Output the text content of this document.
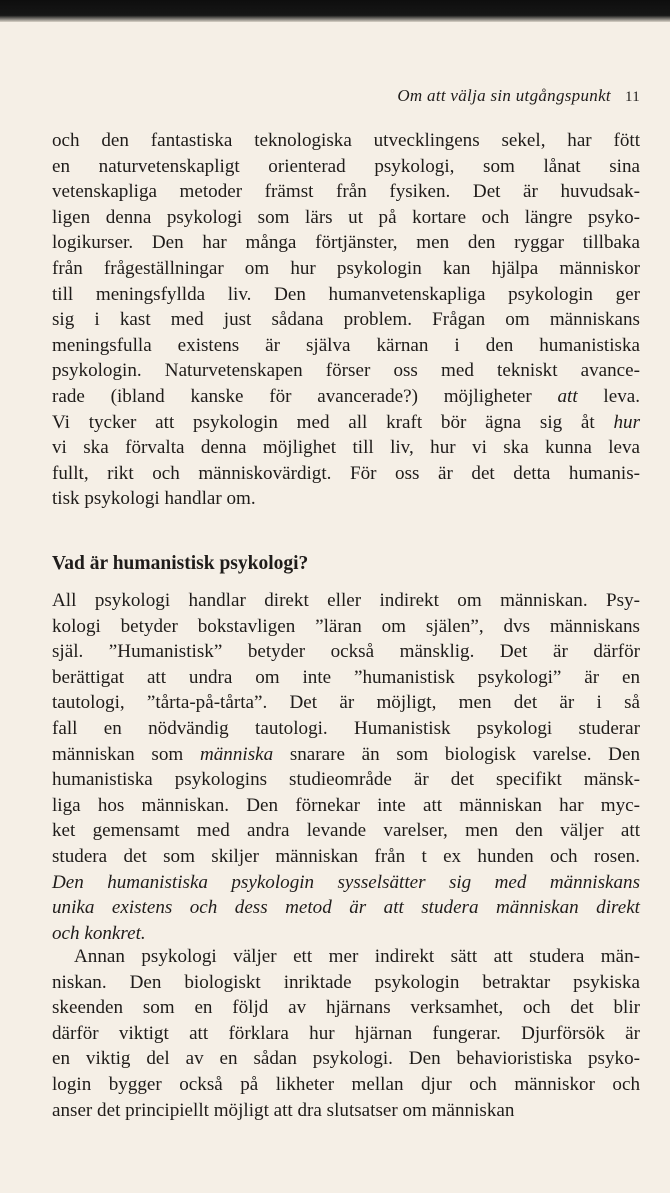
Om att välja sin utgångspunkt 11
och den fantastiska teknologiska utvecklingens sekel, har fött
en naturvetenskapligt orienterad psykologi, som lånat sina
vetenskapliga metoder främst från fysiken. Det är huvudsak-
ligen denna psykologi som lärs ut på kortare och längre psyko-
logikurser. Den har många förtjänster, men den ryggar tillbaka
från frågeställningar om hur psykologin kan hjälpa människor
till meningsfyllda liv. Den humanvetenskapliga psykologin ger
sig i kast med just sådana problem. Frågan om människans
meningsfulla existens är själva kärnan i den humanistiska
psykologin. Naturvetenskapen förser oss med tekniskt avance-
rade (ibland kanske för avancerade?) möjligheter att leva.
Vi tycker att psykologin med all kraft bör ägna sig åt hur
vi ska förvalta denna möjlighet till liv, hur vi ska kunna leva
fullt, rikt och människovärdigt. För oss är det detta humanis-
tisk psykologi handlar om.
Vad är humanistisk psykologi?
All psykologi handlar direkt eller indirekt om människan. Psy-
kologi betyder bokstavligen ”läran om själen”, dvs människans
själ. ”Humanistisk” betyder också mänsklig. Det är därför
berättigat att undra om inte ”humanistisk psykologi” är en
tautologi, ”tårta-på-tårta”. Det är möjligt, men det är i så
fall en nödvändig tautologi. Humanistisk psykologi studerar
människan som människa snarare än som biologisk varelse. Den
humanistiska psykologins studieområde är det specifikt mänsk-
liga hos människan. Den förnekar inte att människan har myc-
ket gemensamt med andra levande varelser, men den väljer att
studera det som skiljer människan från t ex hunden och rosen.
Den humanistiska psykologin sysselsätter sig med människans
unika existens och dess metod är att studera människan direkt
och konkret.
Annan psykologi väljer ett mer indirekt sätt att studera män-
niskan. Den biologiskt inriktade psykologin betraktar psykiska
skeenden som en följd av hjärnans verksamhet, och det blir
därför viktigt att förklara hur hjärnan fungerar. Djurförsök är
en viktig del av en sådan psykologi. Den behavioristiska psyko-
login bygger också på likheter mellan djur och människor och
anser det principiellt möjligt att dra slutsatser om människan
